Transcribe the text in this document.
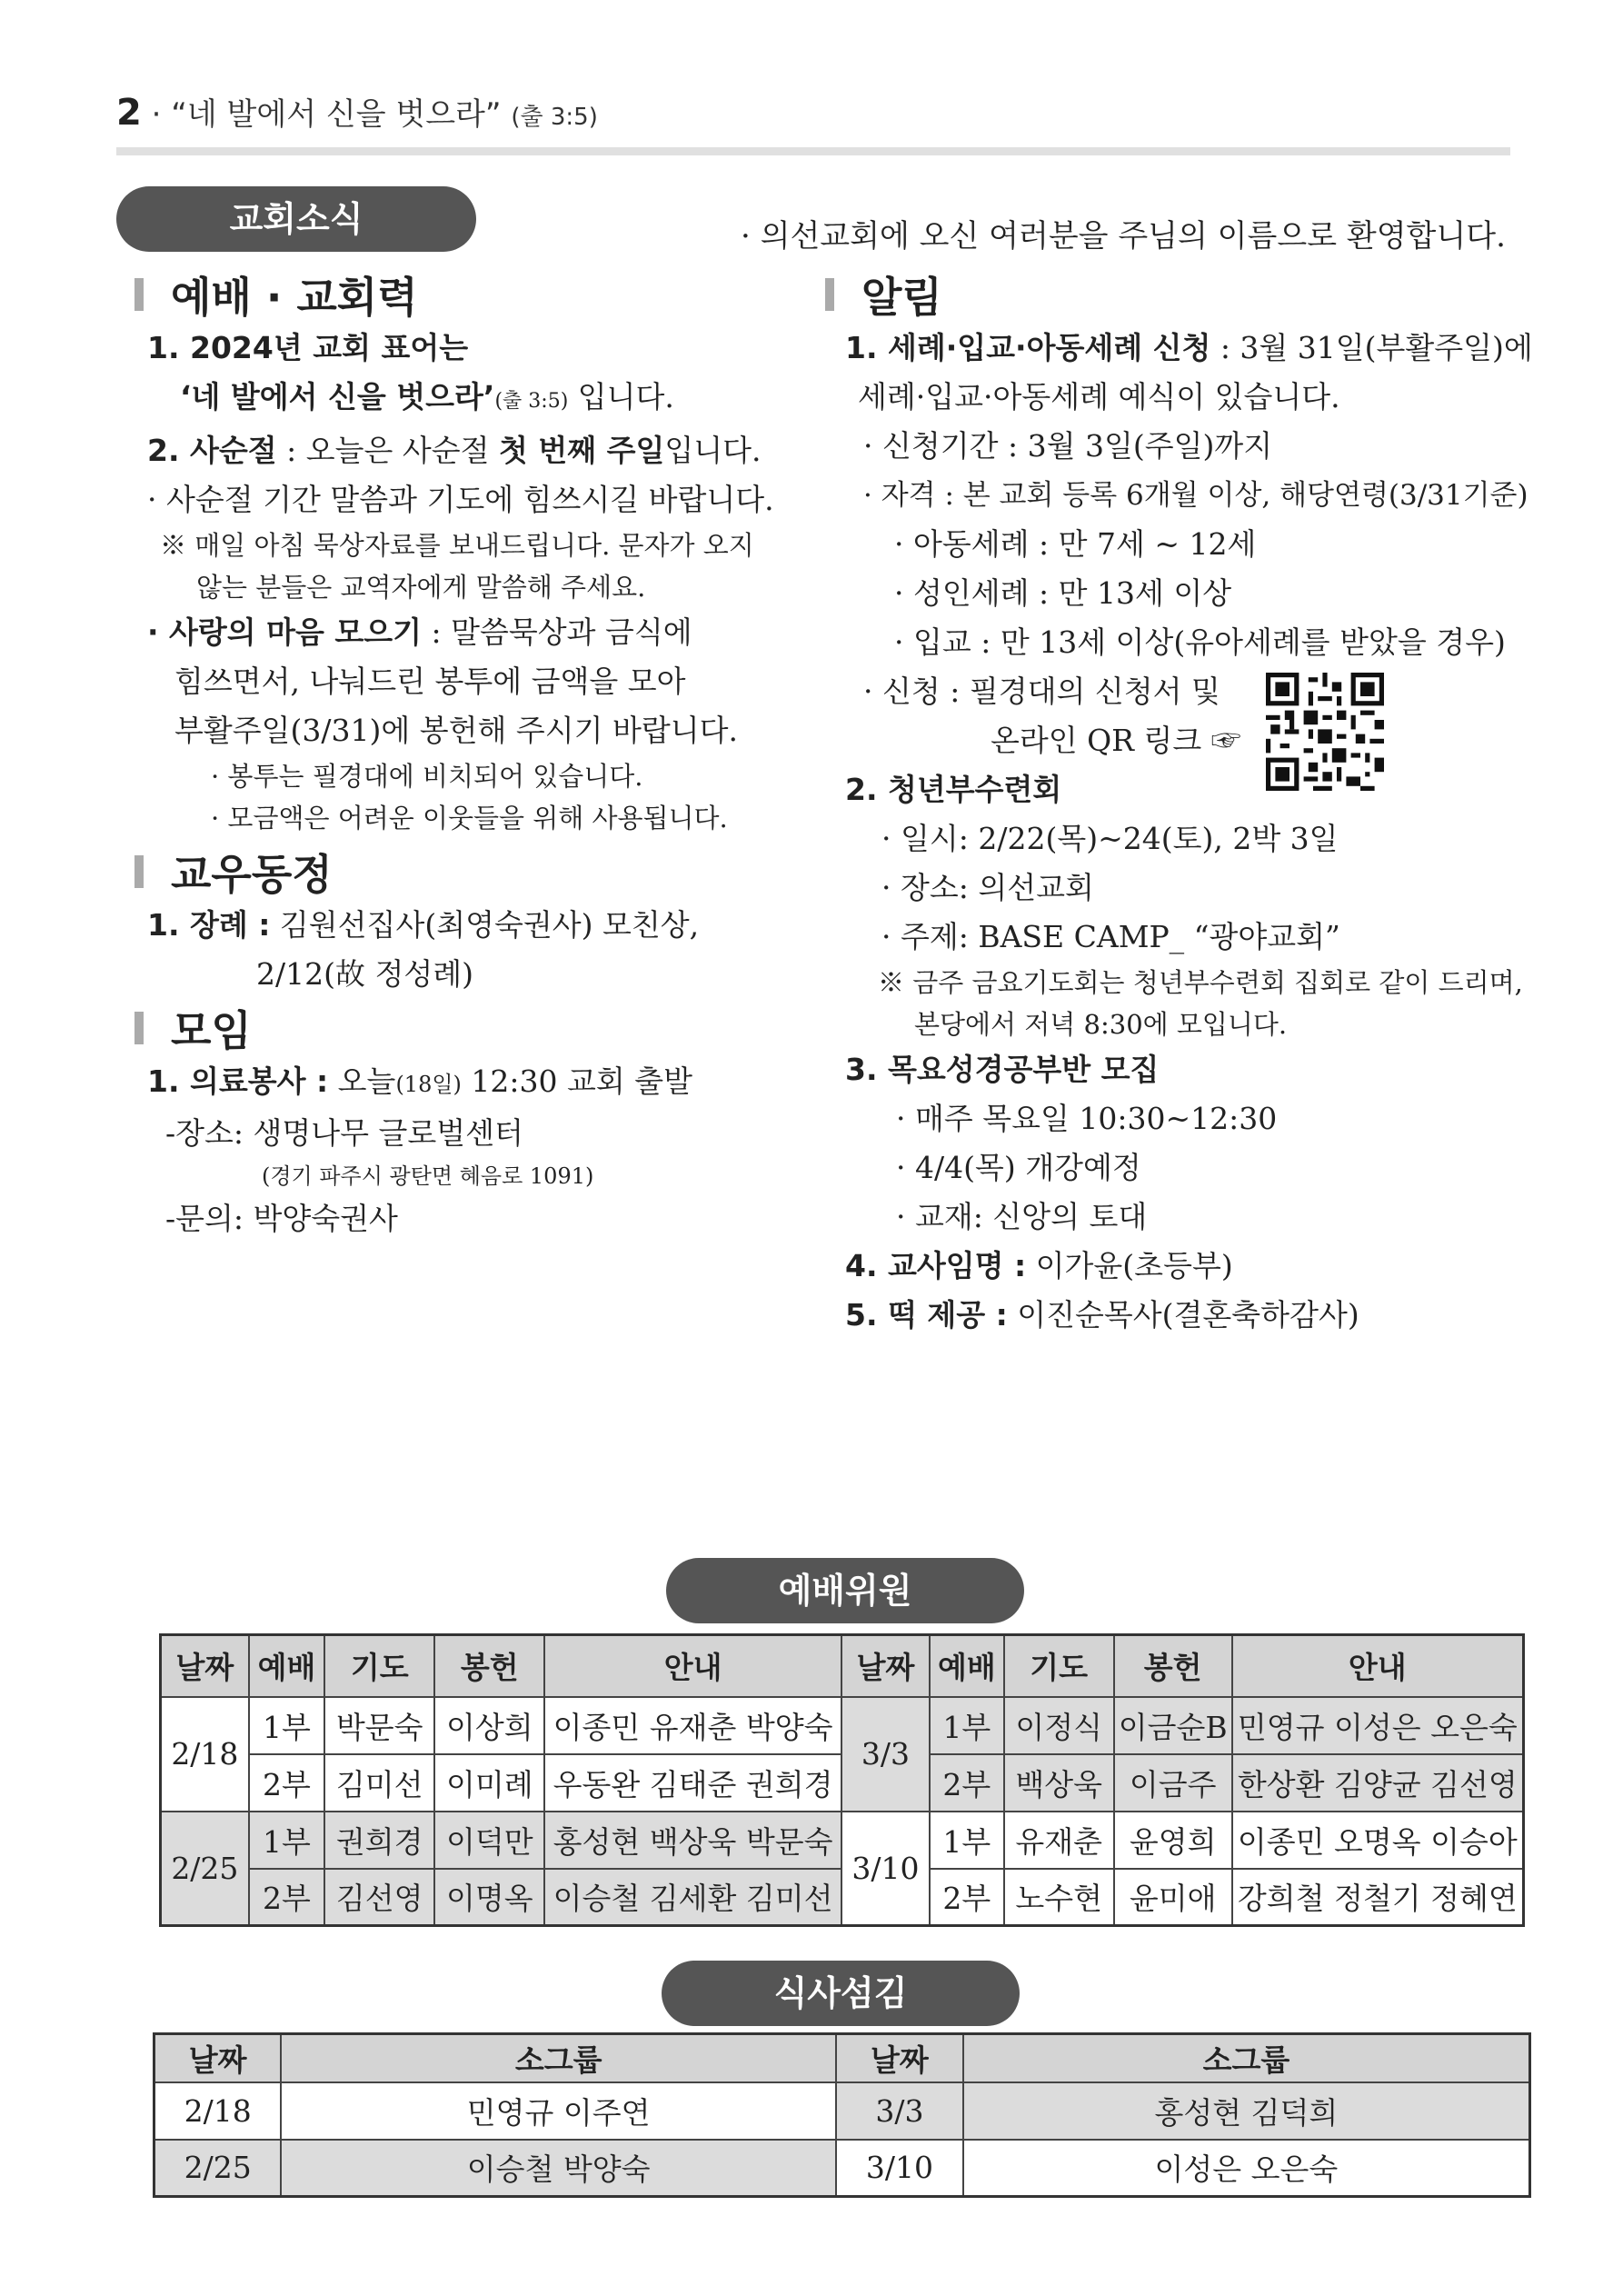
2 · “네 발에서 신을 벗으라” (출 3:5)
교회소식	· 의선교회에 오신 여러분을 주님의 이름으로 환영합니다.
예배 · 교회력
1. 2024년 교회 표어는
‘네 발에서 신을 벗으라’(출 3:5) 입니다.
2. 사순절 : 오늘은 사순절 첫 번째 주일입니다.
· 사순절 기간 말씀과 기도에 힘쓰시길 바랍니다.
※ 매일 아침 묵상자료를 보내드립니다. 문자가 오지
않는 분들은 교역자에게 말씀해 주세요.
· 사랑의 마음 모으기 : 말씀묵상과 금식에
힘쓰면서, 나눠드린 봉투에 금액을 모아
부활주일(3/31)에 봉헌해 주시기 바랍니다.
· 봉투는 필경대에 비치되어 있습니다.
· 모금액은 어려운 이웃들을 위해 사용됩니다.
교우동정
1. 장례 : 김원선집사(최영숙권사) 모친상,
2/12(故 정성례)
모임
1. 의료봉사 : 오늘(18일) 12:30 교회 출발
-장소: 생명나무 글로벌센터
(경기 파주시 광탄면 혜음로 1091)
-문의: 박양숙권사
알림
1. 세례·입교·아동세례 신청 : 3월 31일(부활주일)에
세례·입교·아동세례 예식이 있습니다.
· 신청기간 : 3월 3일(주일)까지
· 자격 : 본 교회 등록 6개월 이상, 해당연령(3/31기준)
· 아동세례 : 만 7세 ~ 12세
· 성인세례 : 만 13세 이상
· 입교 : 만 13세 이상(유아세례를 받았을 경우)
· 신청 : 필경대의 신청서 및
온라인 QR 링크 ☞
2. 청년부수련회
· 일시: 2/22(목)~24(토), 2박 3일
· 장소: 의선교회
· 주제: BASE CAMP_ “광야교회”
※ 금주 금요기도회는 청년부수련회 집회로 같이 드리며,
본당에서 저녁 8:30에 모입니다.
3. 목요성경공부반 모집
· 매주 목요일 10:30~12:30
· 4/4(목) 개강예정
· 교재: 신앙의 토대
4. 교사임명 : 이가윤(초등부)
5. 떡 제공 : 이진순목사(결혼축하감사)
예배위원
날짜	예배	기도	봉헌	안내	날짜	예배	기도	봉헌	안내
2/18	1부	박문숙	이상희	이종민 유재춘 박양숙	3/3	1부	이정식	이금순B	민영규 이성은 오은숙
	2부	김미선	이미례	우동완 김태준 권희경		2부	백상욱	이금주	한상환 김양균 김선영
2/25	1부	권희경	이덕만	홍성현 백상욱 박문숙	3/10	1부	유재춘	윤영희	이종민 오명옥 이승아
	2부	김선영	이명옥	이승철 김세환 김미선		2부	노수현	윤미애	강희철 정철기 정혜연
식사섬김
날짜	소그룹	날짜	소그룹
2/18	민영규 이주연	3/3	홍성현 김덕희
2/25	이승철 박양숙	3/10	이성은 오은숙
